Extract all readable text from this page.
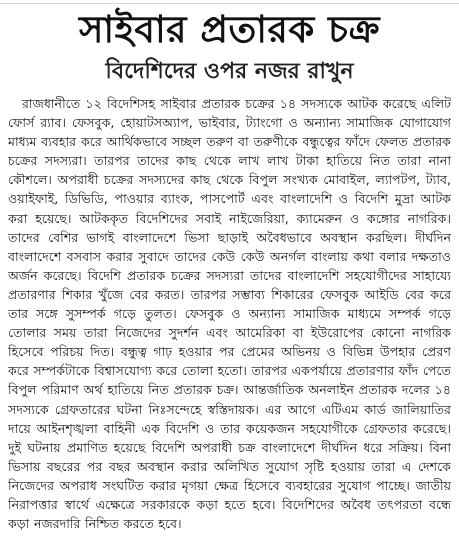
সাইবার প্রতারক চক্র
বিদেশিদের ওপর নজর রাখুন

রাজধানীতে ১২ বিদেশিসহ সাইবার প্রতারক চক্রের ১৪ সদস্যকে আটক করেছে এলিট ফোর্স র‍্যাব। ফেসবুক, হোয়াটসঅ্যাপ, ভাইবার, ট্যাংগো ও অন্যান্য সামাজিক যোগাযোগ মাধ্যম ব্যবহার করে আর্থিকভাবে সচ্ছল তরুণ বা তরুণীকে বন্ধুত্বের ফাঁদে ফেলত প্রতারক চক্রের সদস্যরা। তারপর তাদের কাছ থেকে লাখ লাখ টাকা হাতিয়ে নিত তারা নানা কৌশলে। অপরাধী চক্রের সদস্যদের কাছ থেকে বিপুল সংখ্যক মোবাইল, ল্যাপটপ, ট্যাব, ওয়াইফাই, ডিভিডি, পাওয়ার ব্যাংক, পাসপোর্ট এবং বাংলাদেশি ও বিদেশি মুদ্রা আটক করা হয়েছে। আটককৃত বিদেশিদের সবাই নাইজেরিয়া, ক্যামেরুন ও কঙ্গোর নাগরিক। তাদের বেশির ভাগই বাংলাদেশে ভিসা ছাড়াই অবৈধভাবে অবস্থান করছিল। দীর্ঘদিন বাংলাদেশে বসবাস করার সুবাদে তাদের কেউ কেউ অনর্গল বাংলায় কথা বলার দক্ষতাও অর্জন করেছে। বিদেশি প্রতারক চক্রের সদস্যরা তাদের বাংলাদেশি সহযোগীদের সাহায্যে প্রতারণার শিকার খুঁজে বের করত। তারপর সম্ভাব্য শিকারের ফেসবুক আইডি বের করে তার সঙ্গে সুসম্পর্ক গড়ে তুলত। ফেসবুক ও অন্যান্য সামাজিক মাধ্যমে সম্পর্ক গড়ে তোলার সময় তারা নিজেদের সুদর্শন এবং আমেরিকা বা ইউরোপের কোনো নাগরিক হিসেবে পরিচয় দিত। বন্ধুত্ব গাঢ় হওয়ার পর প্রেমের অভিনয় ও বিভিন্ন উপহার প্রেরণ করে সম্পর্কটাকে বিশ্বাসযোগ্য করে তোলা হতো। তারপর একপর্যায়ে প্রতারণার ফাঁদ পেতে বিপুল পরিমাণ অর্থ হাতিয়ে নিত প্রতারক চক্র। আন্তর্জাতিক অনলাইন প্রতারক দলের ১৪ সদস্যকে গ্রেফতারের ঘটনা নিঃসন্দেহে স্বস্তিদায়ক। এর আগে এটিএম কার্ড জালিয়াতির দায়ে আইনশৃঙ্খলা বাহিনী এক বিদেশি ও তার কয়েকজন সহযোগীকে গ্রেফতার করেছে। দুই ঘটনায় প্রমাণিত হয়েছে বিদেশি অপরাধী চক্র বাংলাদেশে দীর্ঘদিন ধরে সক্রিয়। বিনা ভিসায় বছরের পর বছর অবস্থান করার অলিখিত সুযোগ সৃষ্টি হওয়ায় তারা এ দেশকে নিজেদের অপরাধ সংঘটিত করার মৃগয়া ক্ষেত্র হিসেবে ব্যবহারের সুযোগ পাচ্ছে। জাতীয় নিরাপত্তার স্বার্থে এক্ষেত্রে সরকারকে কড়া হতে হবে। বিদেশিদের অবৈধ তৎপরতা বন্ধে কড়া নজরদারি নিশ্চিত করতে হবে।
